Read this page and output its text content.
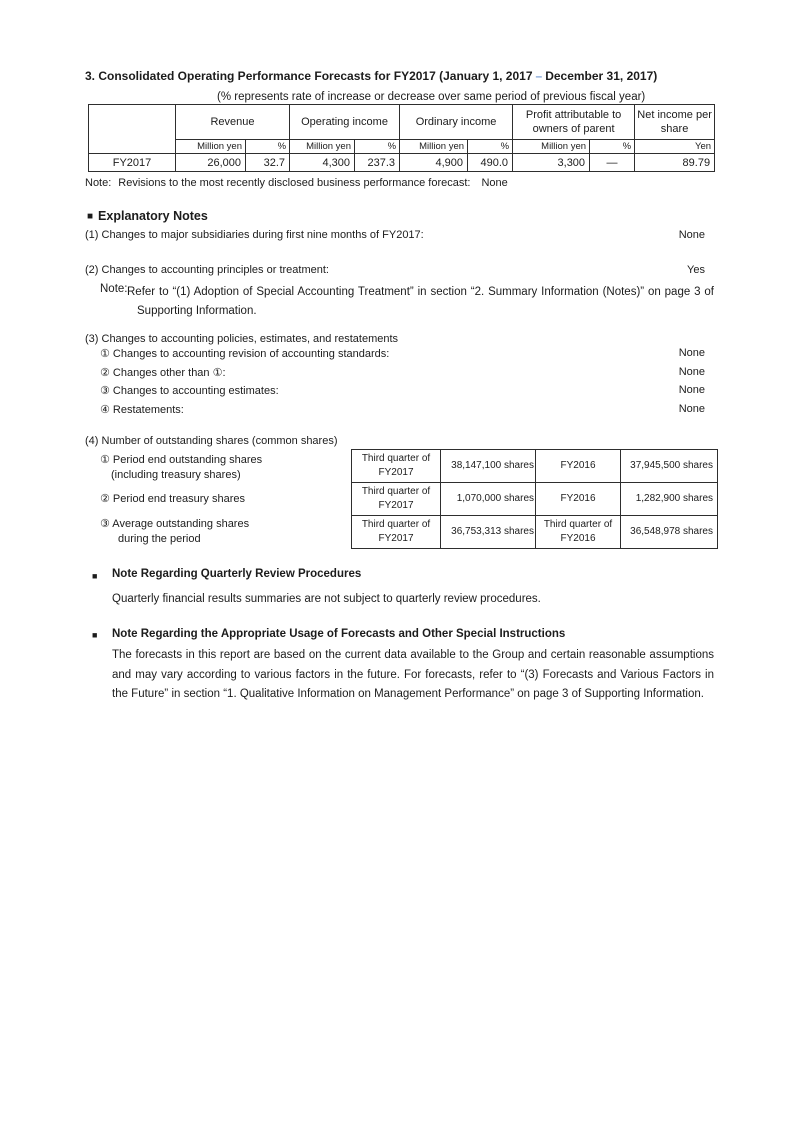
3. Consolidated Operating Performance Forecasts for FY2017 (January 1, 2017 – December 31, 2017)
(% represents rate of increase or decrease over same period of previous fiscal year)
	Revenue		Operating income		Ordinary income		Profit attributable to owners of parent		Net income per share
	Million yen	%	Million yen	%	Million yen	%	Million yen	%	Yen
FY2017	26,000	32.7	4,300	237.3	4,900	490.0	3,300	—	89.79
Note: Revisions to the most recently disclosed business performance forecast: None
■ Explanatory Notes
(1) Changes to major subsidiaries during first nine months of FY2017:	None
(2) Changes to accounting principles or treatment:	Yes
Note: Refer to “(1) Adoption of Special Accounting Treatment” in section “2. Summary Information (Notes)” on page 3 of Supporting Information.
(3) Changes to accounting policies, estimates, and restatements
① Changes to accounting revision of accounting standards:	None
② Changes other than ①:	None
③ Changes to accounting estimates:	None
④ Restatements:	None
(4) Number of outstanding shares (common shares)
① Period end outstanding shares
(including treasury shares)
② Period end treasury shares
③ Average outstanding shares
during the period
Third quarter of FY2017	38,147,100 shares	FY2016	37,945,500 shares
Third quarter of FY2017	1,070,000 shares	FY2016	1,282,900 shares
Third quarter of FY2017	36,753,313 shares	Third quarter of FY2016	36,548,978 shares
■ Note Regarding Quarterly Review Procedures
Quarterly financial results summaries are not subject to quarterly review procedures.
■ Note Regarding the Appropriate Usage of Forecasts and Other Special Instructions
The forecasts in this report are based on the current data available to the Group and certain reasonable assumptions and may vary according to various factors in the future. For forecasts, refer to “(3) Forecasts and Various Factors in the Future” in section “1. Qualitative Information on Management Performance” on page 3 of Supporting Information.
